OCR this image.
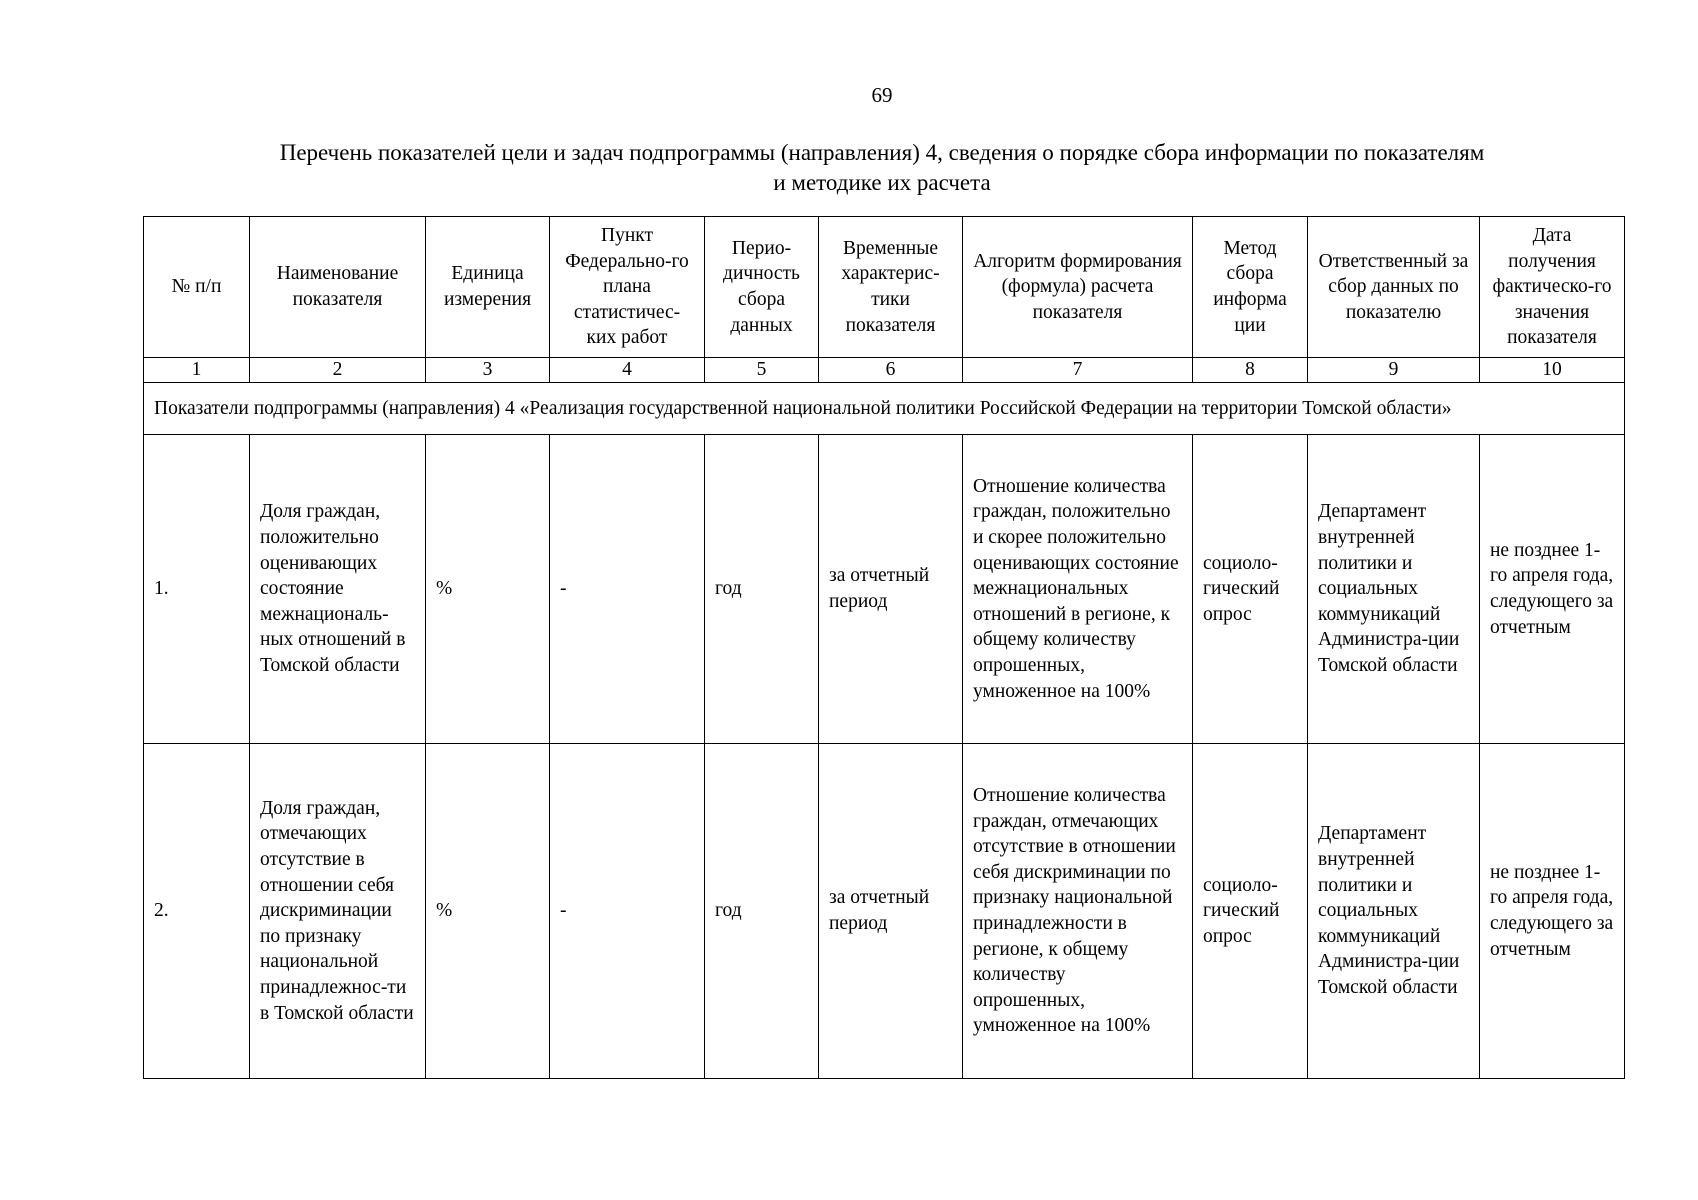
69
Перечень показателей цели и задач подпрограммы (направления) 4, сведения о порядке сбора информации по показателям
и методике их расчета
№ п/п	Наименование показателя	Единица измерения	Пункт Федерально-го плана статистичес-ких работ	Перио-дичность сбора данных	Временные характерис-тики показателя	Алгоритм формирования (формула) расчета показателя	Метод сбора информа ции	Ответственный за сбор данных по показателю	Дата получения фактическо-го значения показателя
1	2	3	4	5	6	7	8	9	10
Показатели подпрограммы (направления) 4 «Реализация государственной национальной политики Российской Федерации на территории Томской области»									
1.	Доля граждан, положительно оценивающих состояние межнациональ-ных отношений в Томской области	%	-	год	за отчетный период	Отношение количества граждан, положительно и скорее положительно оценивающих состояние межнациональных отношений в регионе, к общему количеству опрошенных, умноженное на 100%	социоло-гический опрос	Департамент внутренней политики и социальных коммуникаций Администра-ции Томской области	не позднее 1-го апреля года, следующего за отчетным
2.	Доля граждан, отмечающих отсутствие в отношении себя дискриминации по признаку национальной принадлежнос-ти в Томской области	%	-	год	за отчетный период	Отношение количества граждан, отмечающих отсутствие в отношении себя дискриминации по признаку национальной принадлежности в регионе, к общему количеству опрошенных, умноженное на 100%	социоло-гический опрос	Департамент внутренней политики и социальных коммуникаций Администра-ции Томской области	не позднее 1-го апреля года, следующего за отчетным
